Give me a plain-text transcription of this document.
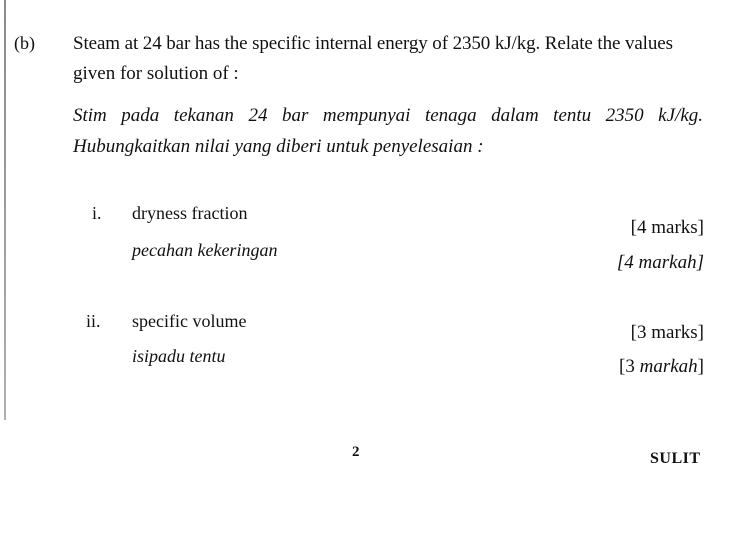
(b) Steam at 24 bar has the specific internal energy of 2350 kJ/kg. Relate the values
given for solution of :
Stim pada tekanan 24 bar mempunyai tenaga dalam tentu 2350 kJ/kg.
Hubungkaitkan nilai yang diberi untuk penyelesaian :
i. dryness fraction
[4 marks]
pecahan kekeringan
[4 markah]
ii. specific volume
[3 marks]
isipadu tentu	[3 markah]
2	SULIT
